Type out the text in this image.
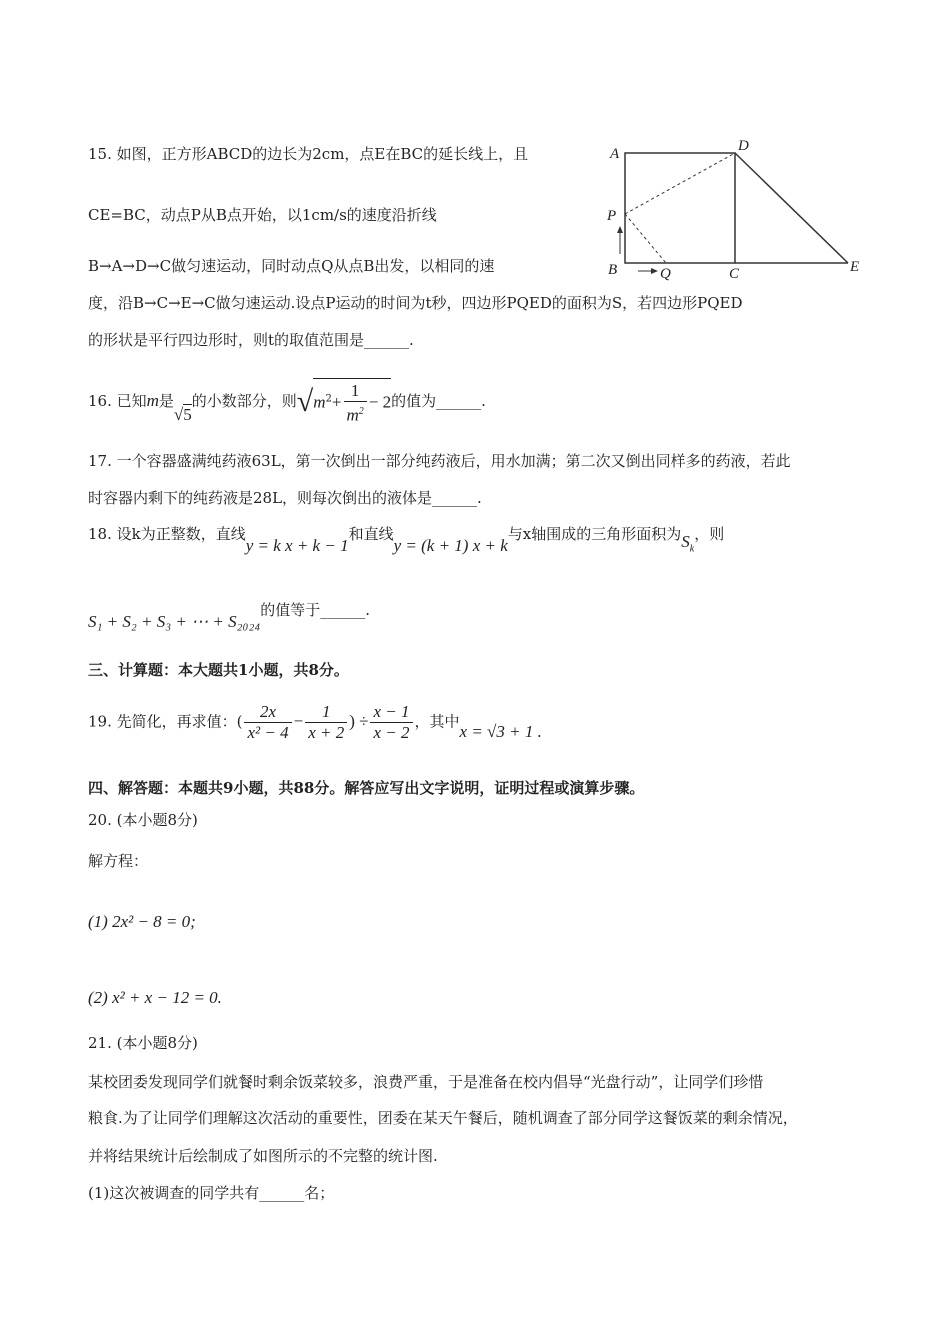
15. 如图，正方形ABCD的边长为2cm，点E在BC的延长线上，且
CE=BC，动点P从B点开始，以1cm/s的速度沿折线
B→A→D→C做匀速运动，同时动点Q从点B出发，以相同的速
度，沿B→C→E→C做匀速运动.设点P运动的时间为t秒，四边形PQED的面积为S，若四边形PQED
的形状是平行四边形时，则t的取值范围是______.
A	D
P
B	Q	C	E
16. 已知m是√5的小数部分，则$√m^2+ \frac{1}{m^2} - 2$的值为______.
17. 一个容器盛满纯药液63L，第一次倒出一部分纯药液后，用水加满；第二次又倒出同样多的药液，若此
时容器内剩下的纯药液是28L，则每次倒出的液体是______.
18. 设k为正整数，直线y = k x + k − 1和直线y = (k + 1) x + k与x轴围成的三角形面积为$S_k$，则
S₁ + S₂ + S₃ + ⋯ + S₂₀₂₄的值等于______.
三、计算题：本大题共1小题，共8分。
19. 先简化，再求值：( $\frac{2x}{\text{x² − 4}} - \frac{1}{x + 2}$ ) ÷ $\frac{x - 1}{x - 2}$ ，其中x = √3 + 1 .
四、解答题：本题共9小题，共88分。解答应写出文字说明，证明过程或演算步骤。
20. (本小题8分)
解方程：
(1) 2x² − 8 = 0;
(2) x² + x − 12 = 0.
21. (本小题8分)
某校团委发现同学们就餐时剩余饭菜较多，浪费严重，于是准备在校内倡导“光盘行动”，让同学们珍惜
粮食.为了让同学们理解这次活动的重要性，团委在某天午餐后，随机调查了部分同学这餐饭菜的剩余情况，
并将结果统计后绘制成了如图所示的不完整的统计图.
(1)这次被调查的同学共有______名；
